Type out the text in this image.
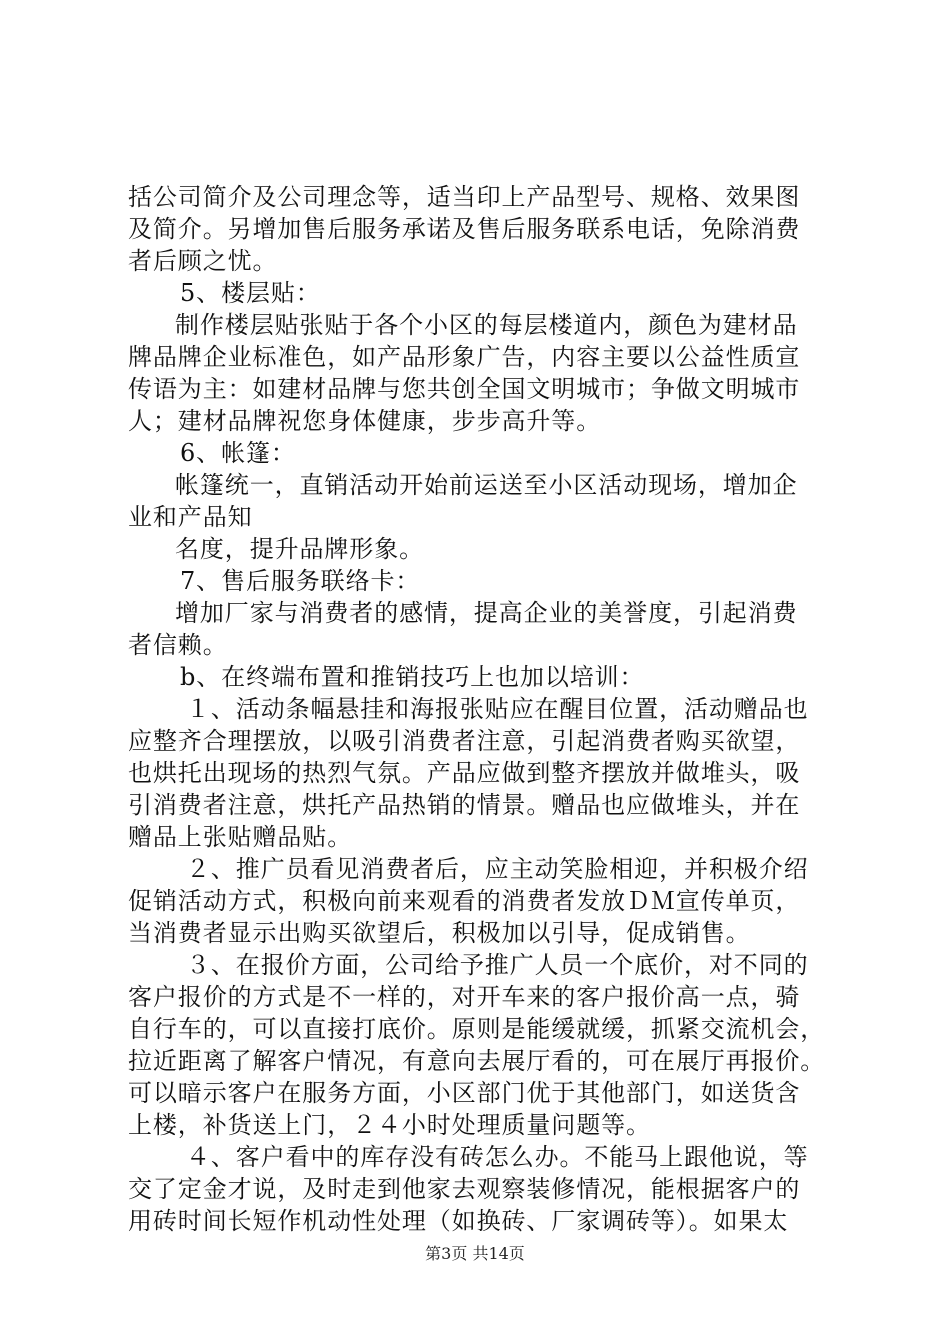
括公司简介及公司理念等，适当印上产品型号、规格、效果图
及简介。另增加售后服务承诺及售后服务联系电话，免除消费
者后顾之忧。
5、楼层贴：
制作楼层贴张贴于各个小区的每层楼道内，颜色为建材品
牌品牌企业标准色，如产品形象广告，内容主要以公益性质宣
传语为主：如建材品牌与您共创全国文明城市；争做文明城市
人；建材品牌祝您身体健康，步步高升等。
6、帐篷：
帐篷统一，直销活动开始前运送至小区活动现场，增加企
业和产品知
名度，提升品牌形象。
7、售后服务联络卡：
增加厂家与消费者的感情，提高企业的美誉度，引起消费
者信赖。
b、在终端布置和推销技巧上也加以培训：
１、活动条幅悬挂和海报张贴应在醒目位置，活动赠品也
应整齐合理摆放，以吸引消费者注意，引起消费者购买欲望，
也烘托出现场的热烈气氛。产品应做到整齐摆放并做堆头，吸
引消费者注意，烘托产品热销的情景。赠品也应做堆头，并在
赠品上张贴赠品贴。
２、推广员看见消费者后，应主动笑脸相迎，并积极介绍
促销活动方式，积极向前来观看的消费者发放ＤＭ宣传单页，
当消费者显示出购买欲望后，积极加以引导，促成销售。
３、在报价方面，公司给予推广人员一个底价，对不同的
客户报价的方式是不一样的，对开车来的客户报价高一点，骑
自行车的，可以直接打底价。原则是能缓就缓，抓紧交流机会，
拉近距离了解客户情况，有意向去展厅看的，可在展厅再报价。
可以暗示客户在服务方面，小区部门优于其他部门，如送货含
上楼，补货送上门，２４小时处理质量问题等。
４、客户看中的库存没有砖怎么办。不能马上跟他说，等
交了定金才说，及时走到他家去观察装修情况，能根据客户的
用砖时间长短作机动性处理（如换砖、厂家调砖等）。如果太
第3页 共14页
